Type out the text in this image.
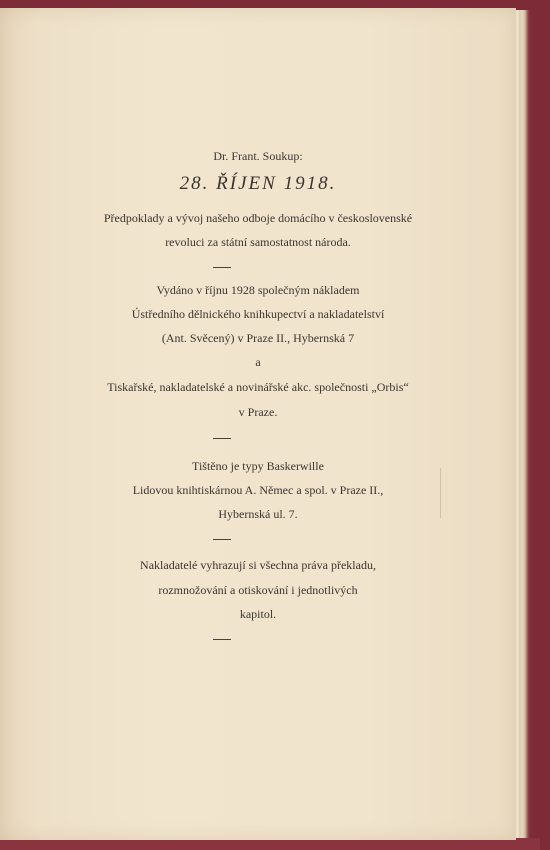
Dr. Frant. Soukup:
28. ŘÍJEN 1918.
Předpoklady a vývoj našeho odboje domácího v československé
revoluci za státní samostatnost národa.
Vydáno v říjnu 1928 společným nákladem
Ústředního dělnického knihkupectví a nakladatelství
(Ant. Svěcený) v Praze II., Hybernská 7
a
Tiskařské, nakladatelské a novinářské akc. společnosti „Orbis“
v Praze.
Tištěno je typy Baskerwille
Lidovou knihtiskárnou A. Němec a spol. v Praze II.,
Hybernská ul. 7.
Nakladatelé vyhrazují si všechna práva překladu,
rozmnožování a otiskování i jednotlivých
kapitol.
